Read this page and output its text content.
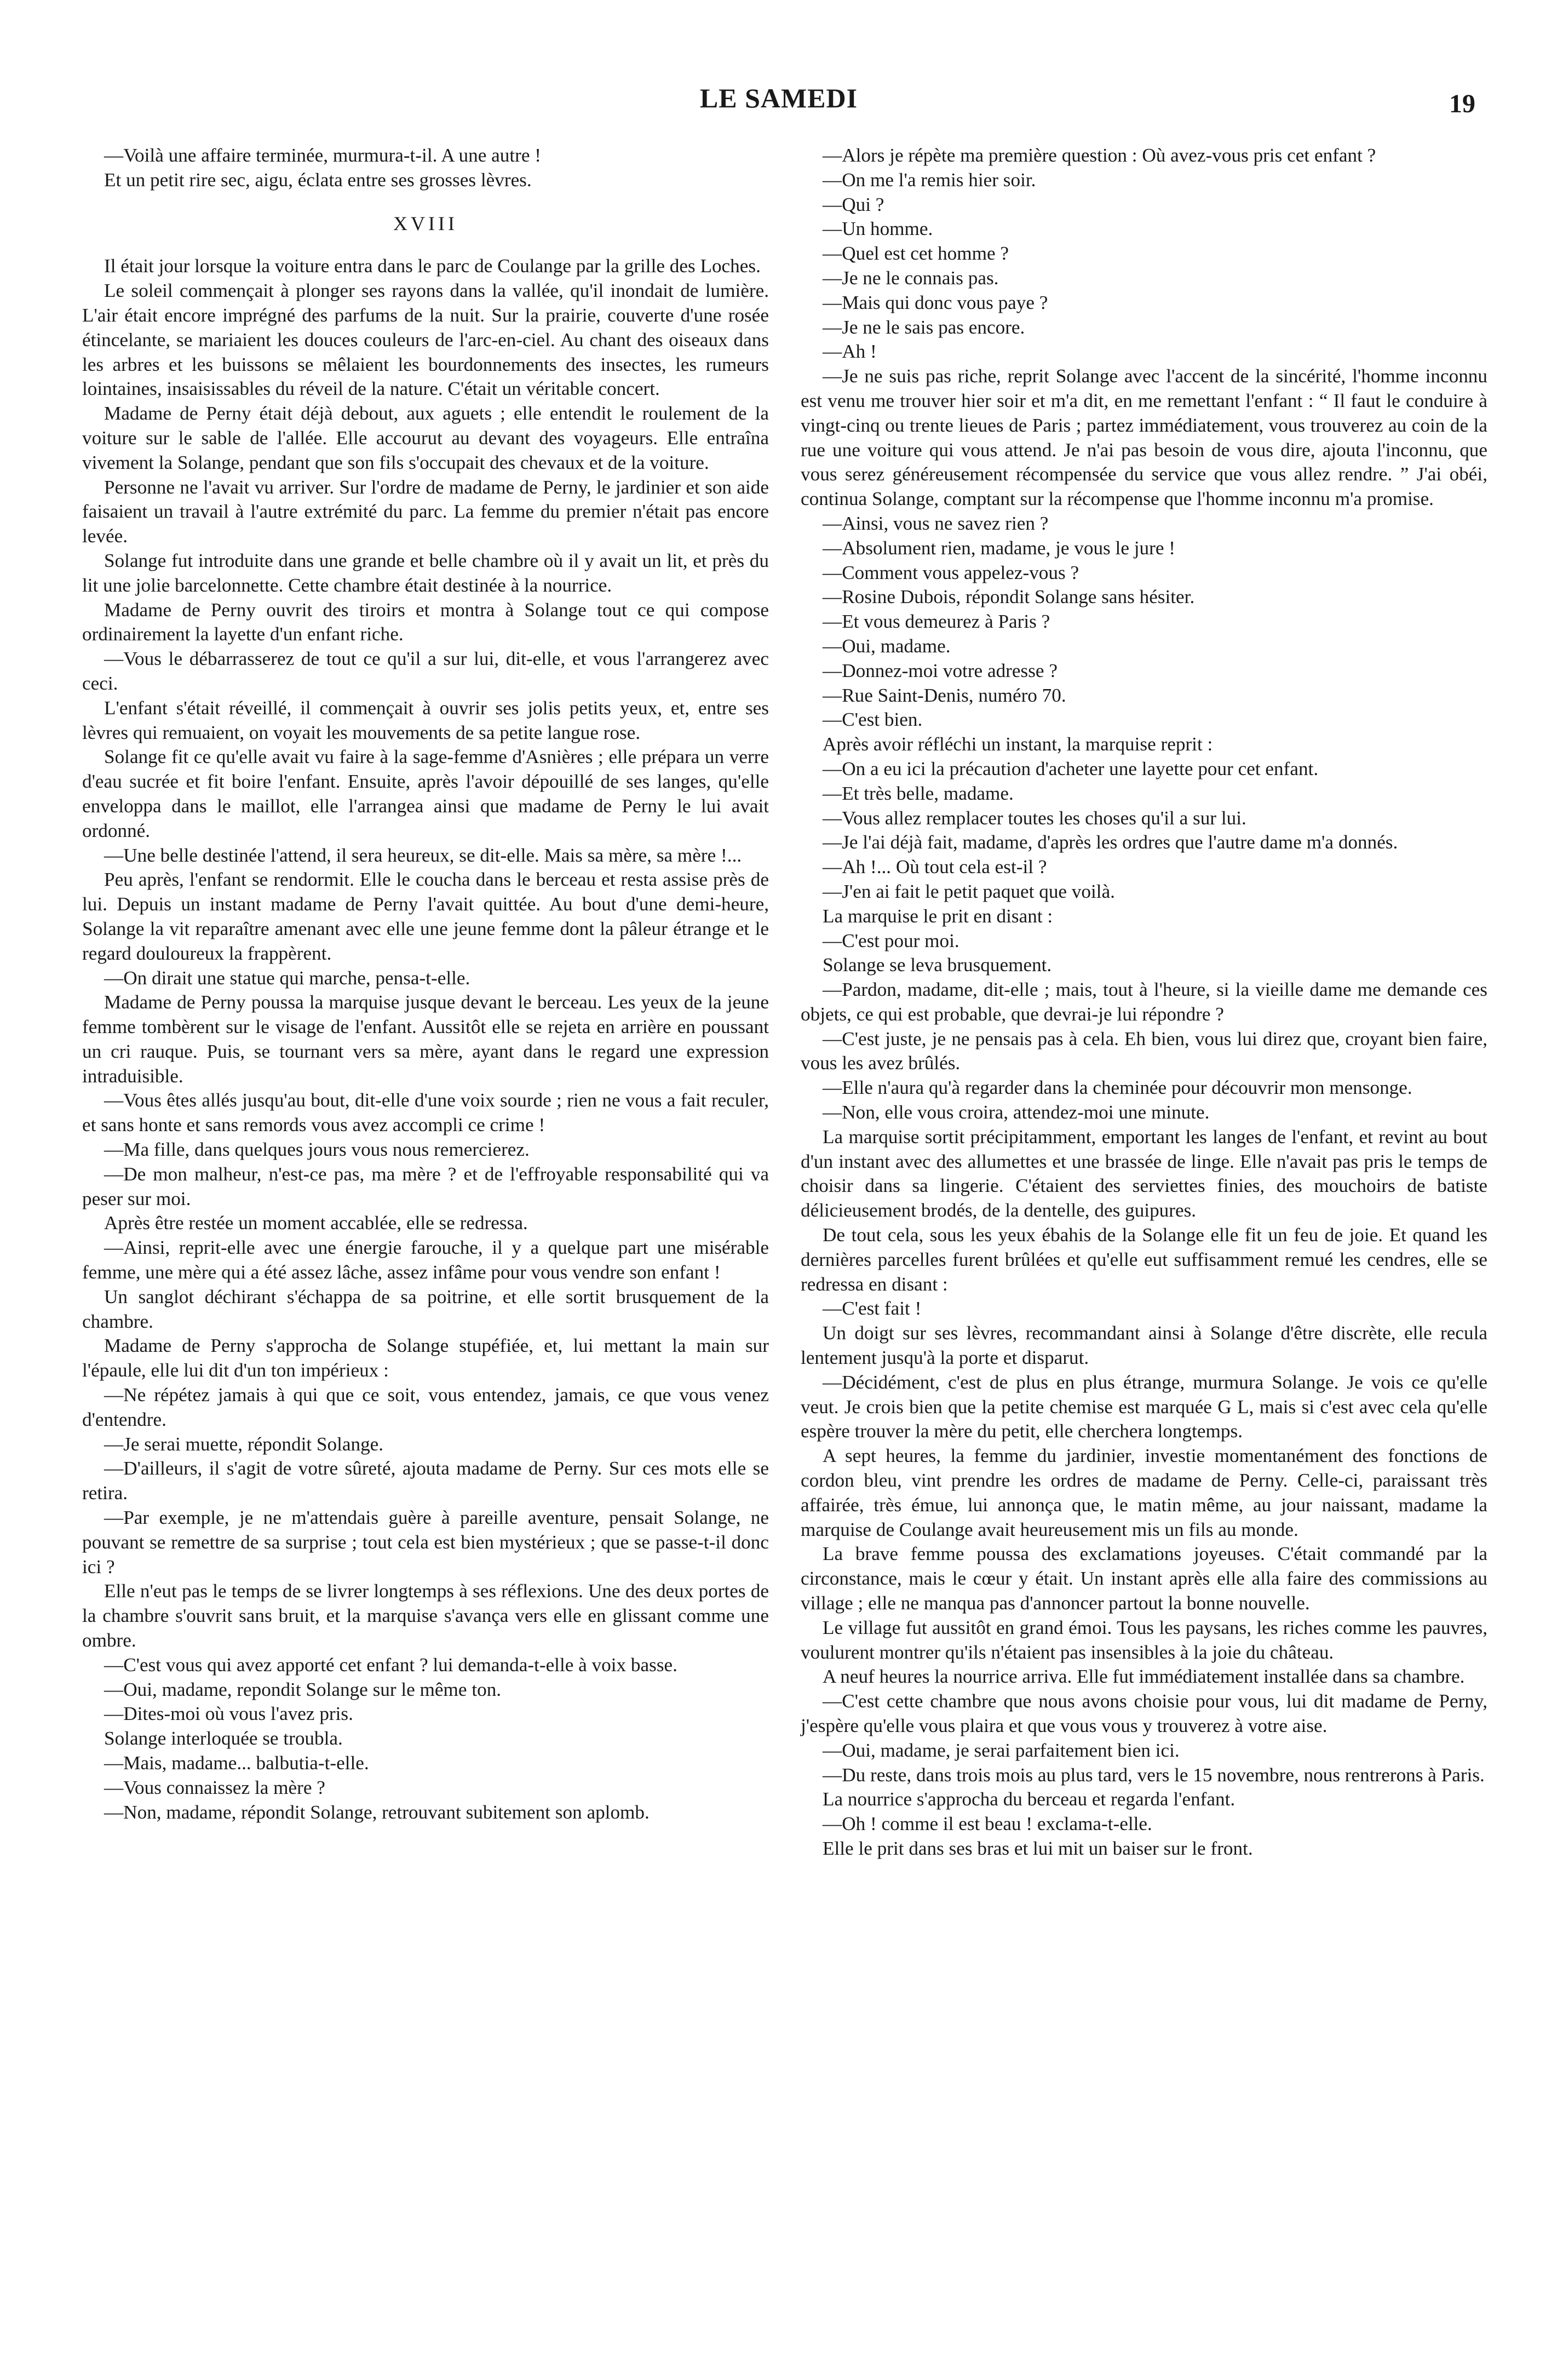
LE SAMEDI	19

—Voilà une affaire terminée, murmura-t-il. A une autre !

Et un petit rire sec, aigu, éclata entre ses grosses lèvres.

XVIII

Il était jour lorsque la voiture entra dans le parc de Coulange par la grille des Loches.

Le soleil commençait à plonger ses rayons dans la vallée, qu'il inondait de lumière. L'air était encore imprégné des parfums de la nuit. Sur la prairie, couverte d'une rosée étincelante, se mariaient les douces couleurs de l'arc-en-ciel. Au chant des oiseaux dans les arbres et les buissons se mêlaient les bourdonnements des insectes, les rumeurs lointaines, insaisissables du réveil de la nature. C'était un véritable concert.

Madame de Perny était déjà debout, aux aguets ; elle entendit le roulement de la voiture sur le sable de l'allée. Elle accourut au devant des voyageurs. Elle entraîna vivement la Solange, pendant que son fils s'occupait des chevaux et de la voiture.

Personne ne l'avait vu arriver. Sur l'ordre de madame de Perny, le jardinier et son aide faisaient un travail à l'autre extrémité du parc. La femme du premier n'était pas encore levée.

Solange fut introduite dans une grande et belle chambre où il y avait un lit, et près du lit une jolie barcelonnette. Cette chambre était destinée à la nourrice.

Madame de Perny ouvrit des tiroirs et montra à Solange tout ce qui compose ordinairement la layette d'un enfant riche.

—Vous le débarrasserez de tout ce qu'il a sur lui, dit-elle, et vous l'arrangerez avec ceci.

L'enfant s'était réveillé, il commençait à ouvrir ses jolis petits yeux, et, entre ses lèvres qui remuaient, on voyait les mouvements de sa petite langue rose.

Solange fit ce qu'elle avait vu faire à la sage-femme d'Asnières ; elle prépara un verre d'eau sucrée et fit boire l'enfant. Ensuite, après l'avoir dépouillé de ses langes, qu'elle enveloppa dans le maillot, elle l'arrangea ainsi que madame de Perny le lui avait ordonné.

—Une belle destinée l'attend, il sera heureux, se dit-elle. Mais sa mère, sa mère !...

Peu après, l'enfant se rendormit. Elle le coucha dans le berceau et resta assise près de lui. Depuis un instant madame de Perny l'avait quittée. Au bout d'une demi-heure, Solange la vit reparaître amenant avec elle une jeune femme dont la pâleur étrange et le regard douloureux la frappèrent.

—On dirait une statue qui marche, pensa-t-elle.

Madame de Perny poussa la marquise jusque devant le berceau. Les yeux de la jeune femme tombèrent sur le visage de l'enfant. Aussitôt elle se rejeta en arrière en poussant un cri rauque. Puis, se tournant vers sa mère, ayant dans le regard une expression intraduisible.

—Vous êtes allés jusqu'au bout, dit-elle d'une voix sourde ; rien ne vous a fait reculer, et sans honte et sans remords vous avez accompli ce crime !

—Ma fille, dans quelques jours vous nous remercierez.

—De mon malheur, n'est-ce pas, ma mère ? et de l'effroyable responsabilité qui va peser sur moi.

Après être restée un moment accablée, elle se redressa.

—Ainsi, reprit-elle avec une énergie farouche, il y a quelque part une misérable femme, une mère qui a été assez lâche, assez infâme pour vous vendre son enfant !

Un sanglot déchirant s'échappa de sa poitrine, et elle sortit brusquement de la chambre.

Madame de Perny s'approcha de Solange stupéfiée, et, lui mettant la main sur l'épaule, elle lui dit d'un ton impérieux :

—Ne répétez jamais à qui que ce soit, vous entendez, jamais, ce que vous venez d'entendre.

—Je serai muette, répondit Solange.

—D'ailleurs, il s'agit de votre sûreté, ajouta madame de Perny. Sur ces mots elle se retira.

—Par exemple, je ne m'attendais guère à pareille aventure, pensait Solange, ne pouvant se remettre de sa surprise ; tout cela est bien mystérieux ; que se passe-t-il donc ici ?

Elle n'eut pas le temps de se livrer longtemps à ses réflexions. Une des deux portes de la chambre s'ouvrit sans bruit, et la marquise s'avança vers elle en glissant comme une ombre.

—C'est vous qui avez apporté cet enfant ? lui demanda-t-elle à voix basse.

—Oui, madame, repondit Solange sur le même ton.

—Dites-moi où vous l'avez pris.

Solange interloquée se troubla.

—Mais, madame... balbutia-t-elle.

—Vous connaissez la mère ?

—Non, madame, répondit Solange, retrouvant subitement son aplomb.

—Alors je répète ma première question : Où avez-vous pris cet enfant ?

—On me l'a remis hier soir.

—Qui ?

—Un homme.

—Quel est cet homme ?

—Je ne le connais pas.

—Mais qui donc vous paye ?

—Je ne le sais pas encore.

—Ah !

—Je ne suis pas riche, reprit Solange avec l'accent de la sincérité, l'homme inconnu est venu me trouver hier soir et m'a dit, en me remettant l'enfant : “ Il faut le conduire à vingt-cinq ou trente lieues de Paris ; partez immédiatement, vous trouverez au coin de la rue une voiture qui vous attend. Je n'ai pas besoin de vous dire, ajouta l'inconnu, que vous serez généreusement récompensée du service que vous allez rendre. ” J'ai obéi, continua Solange, comptant sur la récompense que l'homme inconnu m'a promise.

—Ainsi, vous ne savez rien ?

—Absolument rien, madame, je vous le jure !

—Comment vous appelez-vous ?

—Rosine Dubois, répondit Solange sans hésiter.

—Et vous demeurez à Paris ?

—Oui, madame.

—Donnez-moi votre adresse ?

—Rue Saint-Denis, numéro 70.

—C'est bien.

Après avoir réfléchi un instant, la marquise reprit :

—On a eu ici la précaution d'acheter une layette pour cet enfant.

—Et très belle, madame.

—Vous allez remplacer toutes les choses qu'il a sur lui.

—Je l'ai déjà fait, madame, d'après les ordres que l'autre dame m'a donnés.

—Ah !... Où tout cela est-il ?

—J'en ai fait le petit paquet que voilà.

La marquise le prit en disant :

—C'est pour moi.

Solange se leva brusquement.

—Pardon, madame, dit-elle ; mais, tout à l'heure, si la vieille dame me demande ces objets, ce qui est probable, que devrai-je lui répondre ?

—C'est juste, je ne pensais pas à cela. Eh bien, vous lui direz que, croyant bien faire, vous les avez brûlés.

—Elle n'aura qu'à regarder dans la cheminée pour découvrir mon mensonge.

—Non, elle vous croira, attendez-moi une minute.

La marquise sortit précipitamment, emportant les langes de l'enfant, et revint au bout d'un instant avec des allumettes et une brassée de linge. Elle n'avait pas pris le temps de choisir dans sa lingerie. C'étaient des serviettes finies, des mouchoirs de batiste délicieusement brodés, de la dentelle, des guipures.

De tout cela, sous les yeux ébahis de la Solange elle fit un feu de joie. Et quand les dernières parcelles furent brûlées et qu'elle eut suffisamment remué les cendres, elle se redressa en disant :

—C'est fait !

Un doigt sur ses lèvres, recommandant ainsi à Solange d'être discrète, elle recula lentement jusqu'à la porte et disparut.

—Décidément, c'est de plus en plus étrange, murmura Solange. Je vois ce qu'elle veut. Je crois bien que la petite chemise est marquée G L, mais si c'est avec cela qu'elle espère trouver la mère du petit, elle cherchera longtemps.

A sept heures, la femme du jardinier, investie momentanément des fonctions de cordon bleu, vint prendre les ordres de madame de Perny. Celle-ci, paraissant très affairée, très émue, lui annonça que, le matin même, au jour naissant, madame la marquise de Coulange avait heureusement mis un fils au monde.

La brave femme poussa des exclamations joyeuses. C'était commandé par la circonstance, mais le cœur y était. Un instant après elle alla faire des commissions au village ; elle ne manqua pas d'annoncer partout la bonne nouvelle.

Le village fut aussitôt en grand émoi. Tous les paysans, les riches comme les pauvres, voulurent montrer qu'ils n'étaient pas insensibles à la joie du château.

A neuf heures la nourrice arriva. Elle fut immédiatement installée dans sa chambre.

—C'est cette chambre que nous avons choisie pour vous, lui dit madame de Perny, j'espère qu'elle vous plaira et que vous vous y trouverez à votre aise.

—Oui, madame, je serai parfaitement bien ici.

—Du reste, dans trois mois au plus tard, vers le 15 novembre, nous rentrerons à Paris.

La nourrice s'approcha du berceau et regarda l'enfant.

—Oh ! comme il est beau ! exclama-t-elle.

Elle le prit dans ses bras et lui mit un baiser sur le front.
